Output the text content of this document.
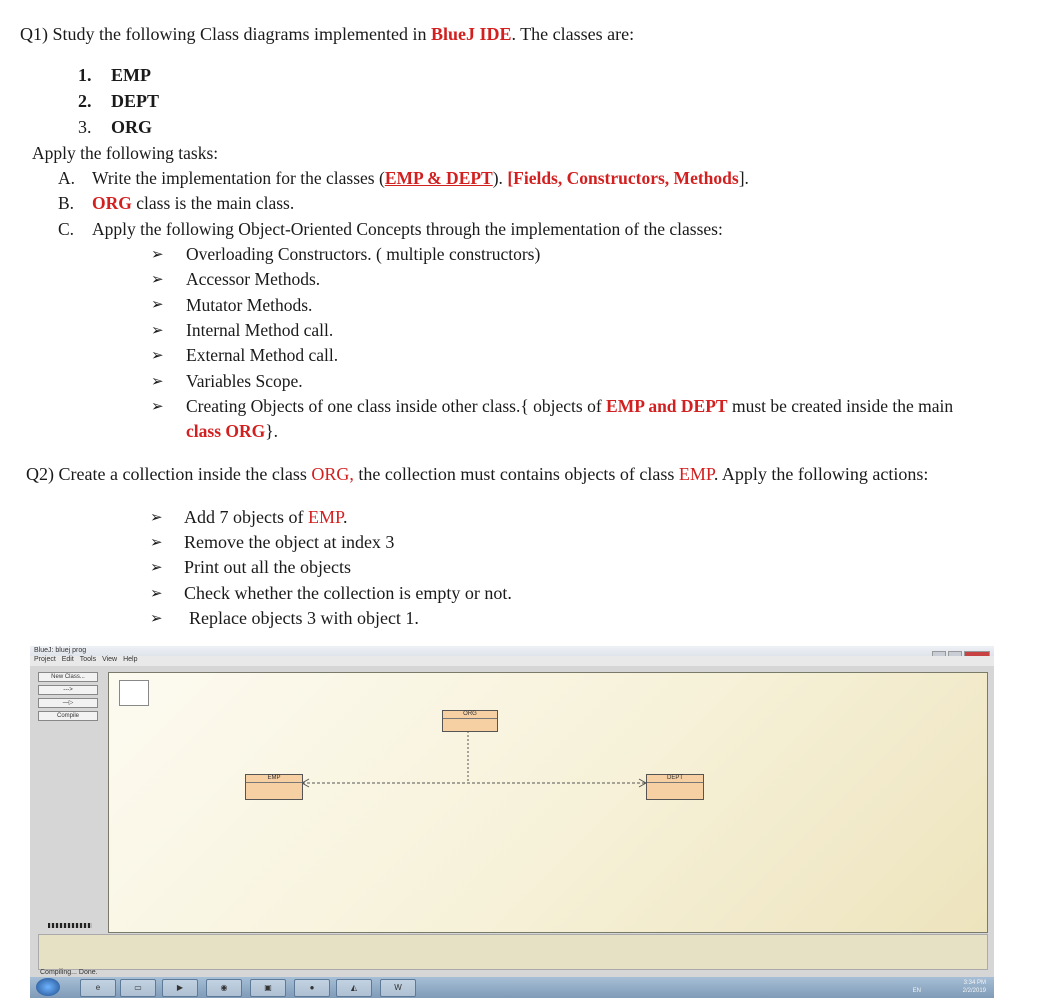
Q1) Study the following Class diagrams implemented in BlueJ IDE. The classes are:
1. EMP
2. DEPT
3. ORG
Apply the following tasks:
A. Write the implementation for the classes (EMP & DEPT). [Fields, Constructors, Methods].
B. ORG class is the main class.
C. Apply the following Object-Oriented Concepts through the implementation of the classes:
➢ Overloading Constructors. ( multiple constructors)
➢ Accessor Methods.
➢ Mutator Methods.
➢ Internal Method call.
➢ External Method call.
➢ Variables Scope.
➢ Creating Objects of one class inside other class.{ objects of EMP and DEPT must be created inside the main
class ORG}.
Q2) Create a collection inside the class ORG, the collection must contains objects of class EMP. Apply the following actions:
➢ Add 7 objects of EMP.
➢ Remove the object at index 3
➢ Print out all the objects
➢ Check whether the collection is empty or not.
➢ Replace objects 3 with object 1.
BlueJ: bluej prog
Project Edit Tools View Help
New Class...
--->
—▷
Compile	ORG
EMP	DEPT
Compiling... Done.
e	▭	▶	◉	▣	●	◭	W	EN 3:34 PM
2/2/2019
